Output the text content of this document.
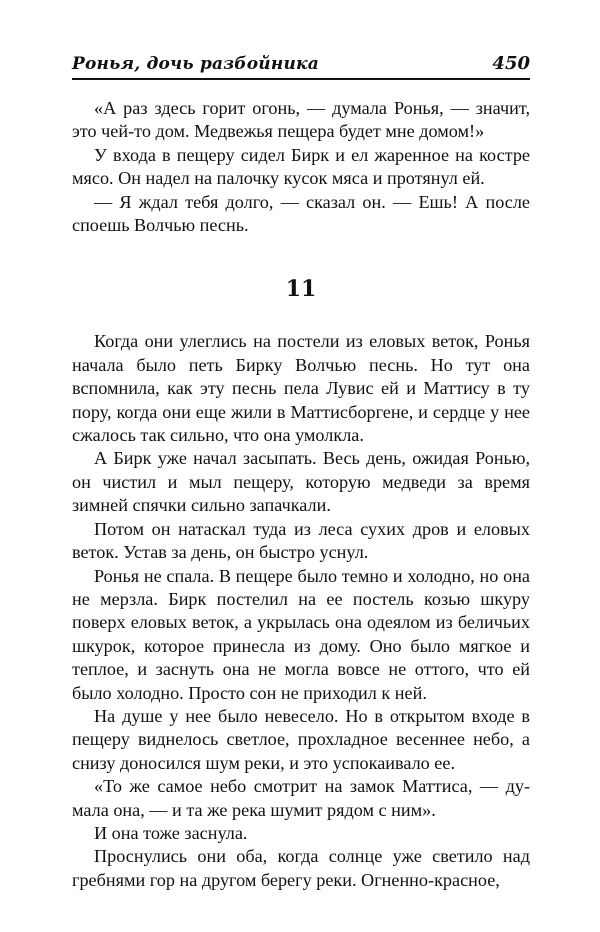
Ронья, дочь разбойника	450

«А раз здесь горит огонь, — думала Ронья, — значит, это чей-то дом. Медвежья пещера будет мне домом!»

У входа в пещеру сидел Бирк и ел жаренное на костре мясо. Он надел на палочку кусок мяса и протянул ей.

— Я ждал тебя долго, — сказал он. — Ешь! А после споешь Волчью песнь.

11

Когда они улеглись на постели из еловых веток, Ронья начала было петь Бирку Волчью песнь. Но тут она вспомнила, как эту песнь пела Лувис ей и Маттису в ту пору, когда они еще жили в Маттисборгене, и сердце у нее сжалось так сильно, что она умолкла.

А Бирк уже начал засыпать. Весь день, ожидая Ронью, он чистил и мыл пещеру, которую медведи за время зимней спячки сильно запачкали.

Потом он натаскал туда из леса сухих дров и еловых веток. Устав за день, он быстро уснул.

Ронья не спала. В пещере было темно и холодно, но она не мерзла. Бирк постелил на ее постель козью шкуру поверх еловых веток, а укрылась она одеялом из беличьих шкурок, которое принесла из дому. Оно было мягкое и теплое, и заснуть она не могла вовсе не оттого, что ей было холодно. Просто сон не приходил к ней.

На душе у нее было невесело. Но в открытом входе в пещеру виднелось светлое, прохладное весеннее небо, а снизу доносился шум реки, и это успокаивало ее.

«То же самое небо смотрит на замок Маттиса, — думала она, — и та же река шумит рядом с ним».

И она тоже заснула.

Проснулись они оба, когда солнце уже светило над гребнями гор на другом берегу реки. Огненно-красное,
